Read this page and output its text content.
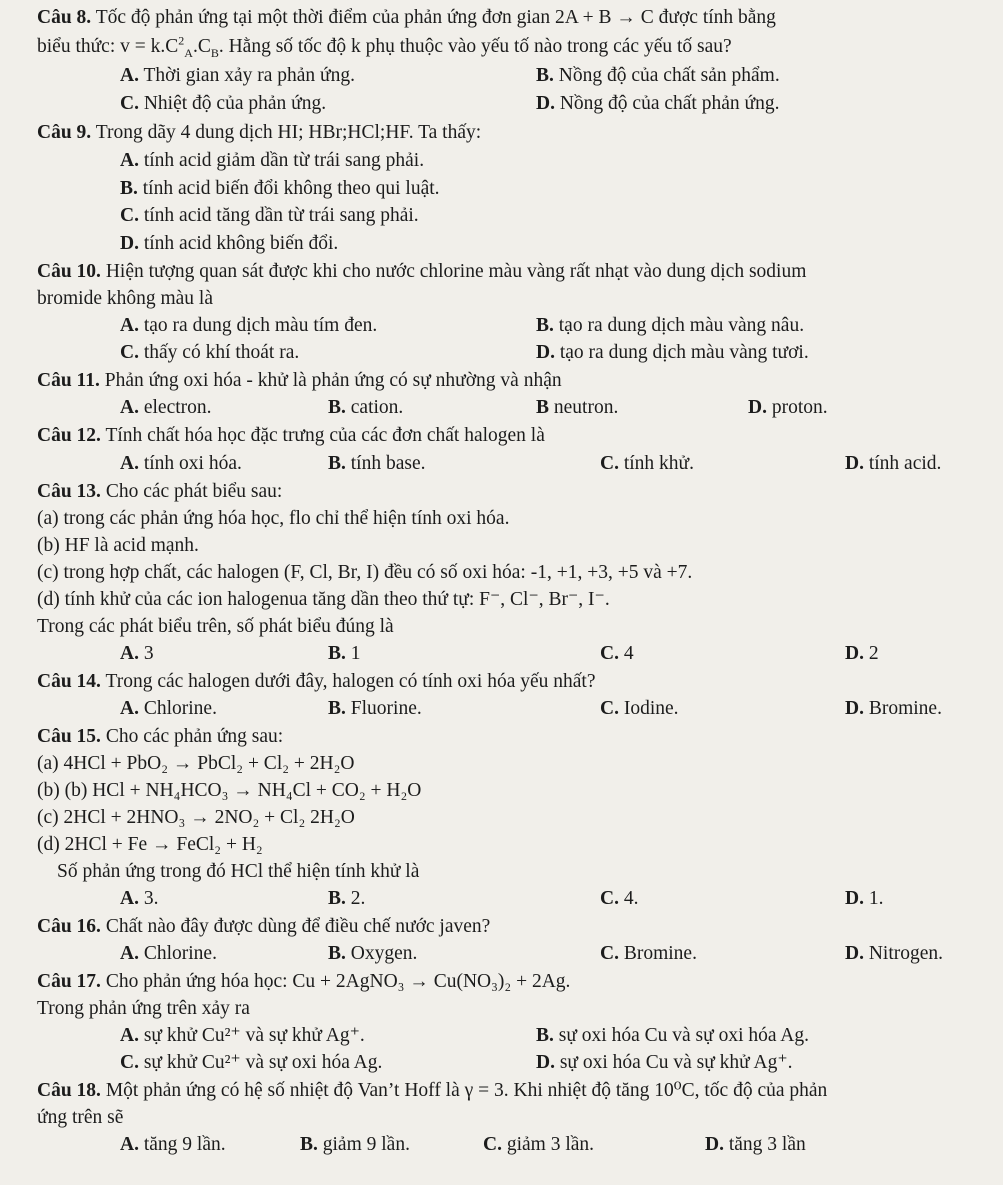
Câu 8. Tốc độ phản ứng tại một thời điểm của phản ứng đơn gian 2A + B → C được tính bằng
biểu thức: $v = k.C^2_A.C_B$. Hằng số tốc độ k phụ thuộc vào yếu tố nào trong các yếu tố sau?
A. Thời gian xảy ra phản ứng.	B. Nồng độ của chất sản phẩm.
C. Nhiệt độ của phản ứng.	D. Nồng độ của chất phản ứng.
Câu 9. Trong dãy 4 dung dịch HI; HBr;HCl;HF. Ta thấy:
A. tính acid giảm dần từ trái sang phải.
B. tính acid biến đổi không theo qui luật.
C. tính acid tăng dần từ trái sang phải.
D. tính acid không biến đổi.
Câu 10. Hiện tượng quan sát được khi cho nước chlorine màu vàng rất nhạt vào dung dịch sodium
bromide không màu là
A. tạo ra dung dịch màu tím đen.	B. tạo ra dung dịch màu vàng nâu.
C. thấy có khí thoát ra.	D. tạo ra dung dịch màu vàng tươi.
Câu 11. Phản ứng oxi hóa - khử là phản ứng có sự nhường và nhận
A. electron.	B. cation.	B neutron.	D. proton.
Câu 12. Tính chất hóa học đặc trưng của các đơn chất halogen là
A. tính oxi hóa.	B. tính base.	C. tính khử.	D. tính acid.
Câu 13. Cho các phát biểu sau:
(a) trong các phản ứng hóa học, flo chỉ thể hiện tính oxi hóa.
(b) HF là acid mạnh.
(c) trong hợp chất, các halogen (F, Cl, Br, I) đều có số oxi hóa: -1, +1, +3, +5 và +7.
(d) tính khử của các ion halogenua tăng dần theo thứ tự: F⁻, Cl⁻, Br⁻, I⁻.
Trong các phát biểu trên, số phát biểu đúng là
A. 3	B. 1	C. 4	D. 2
Câu 14. Trong các halogen dưới đây, halogen có tính oxi hóa yếu nhất?
A. Chlorine.	B. Fluorine.	C. Iodine.	D. Bromine.
Câu 15. Cho các phản ứng sau:
(a) 4HCl + PbO₂ → PbCl₂ + Cl₂ + 2H₂O
(b) (b) HCl + NH₄HCO₃ → NH₄Cl + CO₂ + H₂O
(c) 2HCl + 2HNO₃ → 2NO₂ + Cl₂ 2H₂O
(d) 2HCl + Fe → FeCl₂ + H₂
Số phản ứng trong đó HCl thể hiện tính khử là
A. 3.	B. 2.	C. 4.	D. 1.
Câu 16. Chất nào đây được dùng để điều chế nước javen?
A. Chlorine.	B. Oxygen.	C. Bromine.	D. Nitrogen.
Câu 17. Cho phản ứng hóa học: Cu + 2AgNO₃ → Cu(NO₃)₂ + 2Ag.
Trong phản ứng trên xảy ra
A. sự khử Cu²⁺ và sự khử Ag⁺.	B. sự oxi hóa Cu và sự oxi hóa Ag.
C. sự khử Cu²⁺ và sự oxi hóa Ag.	D. sự oxi hóa Cu và sự khử Ag⁺.
Câu 18. Một phản ứng có hệ số nhiệt độ Van’t Hoff là γ = 3. Khi nhiệt độ tăng 10⁰C, tốc độ của phản
ứng trên sẽ
A. tăng 9 lần.	B. giảm 9 lần.	C. giảm 3 lần.	D. tăng 3 lần
